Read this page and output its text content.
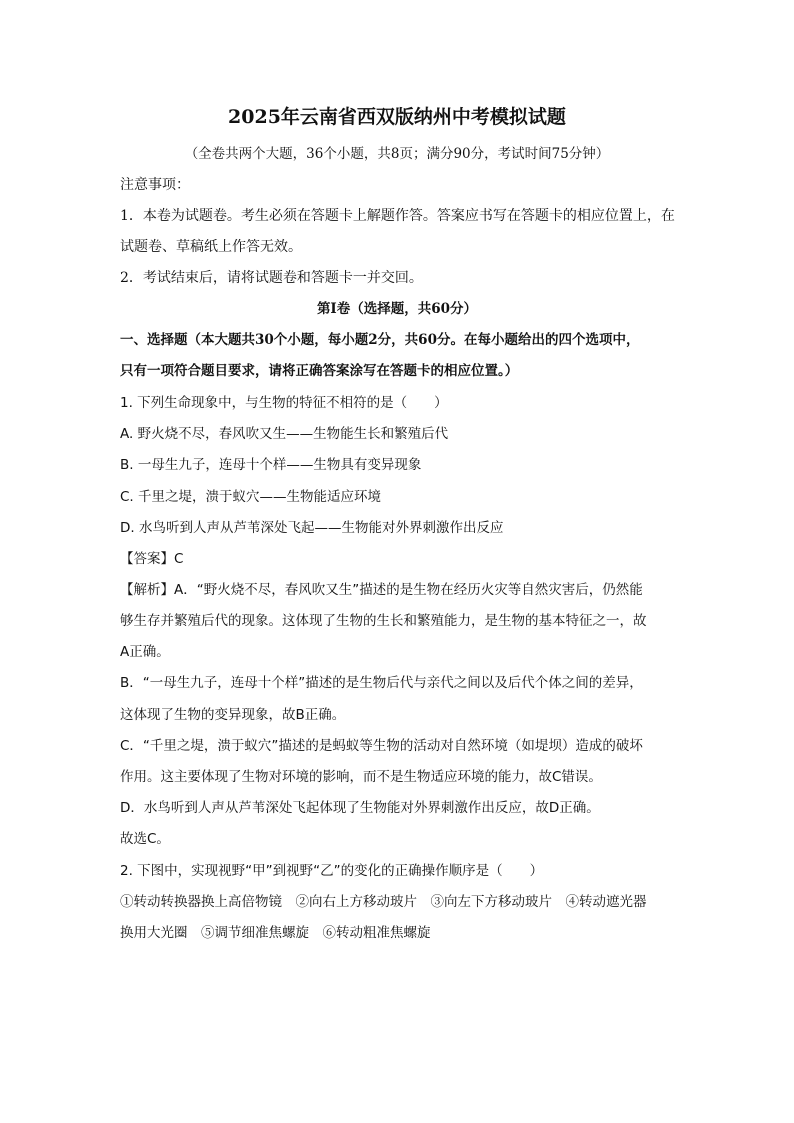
2025年云南省西双版纳州中考模拟试题

（全卷共两个大题，36个小题，共8页；满分90分，考试时间75分钟）

注意事项：

1．本卷为试题卷。考生必须在答题卡上解题作答。答案应书写在答题卡的相应位置上，在

试题卷、草稿纸上作答无效。

2．考试结束后，请将试题卷和答题卡一并交回。

第Ⅰ卷（选择题，共60分）

一、选择题（本大题共30个小题，每小题2分，共60分。在每小题给出的四个选项中，

只有一项符合题目要求，请将正确答案涂写在答题卡的相应位置。）

1. 下列生命现象中，与生物的特征不相符的是（　　）

A. 野火烧不尽，春风吹又生——生物能生长和繁殖后代

B. 一母生九子，连母十个样——生物具有变异现象

C. 千里之堤，溃于蚁穴——生物能适应环境

D. 水鸟听到人声从芦苇深处飞起——生物能对外界刺激作出反应

【答案】C

【解析】A．“野火烧不尽，春风吹又生”描述的是生物在经历火灾等自然灾害后，仍然能

够生存并繁殖后代的现象。这体现了生物的生长和繁殖能力，是生物的基本特征之一，故

A正确。

B．“一母生九子，连母十个样”描述的是生物后代与亲代之间以及后代个体之间的差异，

这体现了生物的变异现象，故B正确。

C．“千里之堤，溃于蚁穴”描述的是蚂蚁等生物的活动对自然环境（如堤坝）造成的破坏

作用。这主要体现了生物对环境的影响，而不是生物适应环境的能力，故C错误。

D．水鸟听到人声从芦苇深处飞起体现了生物能对外界刺激作出反应，故D正确。

故选C。

2. 下图中，实现视野“甲”到视野“乙”的变化的正确操作顺序是（　　）

①转动转换器换上高倍物镜　②向右上方移动玻片　③向左下方移动玻片　④转动遮光器

换用大光圈　⑤调节细准焦螺旋　⑥转动粗准焦螺旋
